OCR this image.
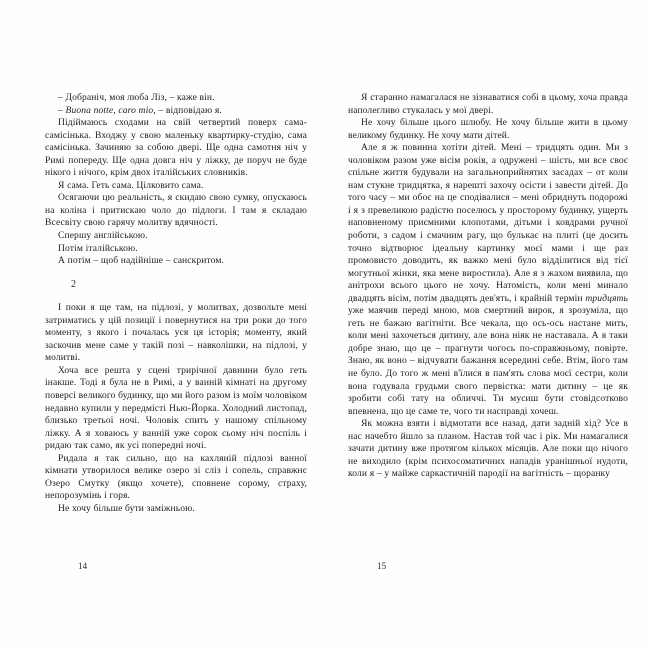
– Добраніч, моя люба Ліз, – каже він.

– Buona notte, caro mio, – відповідаю я.

Підіймаюсь сходами на свій четвертий поверх сама-самісінька. Входжу у свою маленьку квартирку-студію, сама самісінька. Зачиняю за собою двері. Ще одна самотня ніч у Римі попереду. Ще одна довга ніч у ліжку, де поруч не буде нікого і нічого, крім двох італійських словників.

Я сама. Геть сама. Цілковито сама.

Осягаючи цю реальність, я скидаю свою сумку, опускаюсь на коліна і притискаю чоло до підлоги. І там я складаю Всесвіту свою гарячу молитву вдячності.

Спершу англійською.

Потім італійською.

А потім – щоб надійніше – санскритом.

2

І поки я ще там, на підлозі, у молитвах, дозвольте мені затриматись у цій позиції і повернутися на три роки до того моменту, з якого і почалась уся ця історія; моменту, який заскочив мене саме у такій позі – навколішки, на підлозі, у молитві.

Хоча все решта у сцені трирічної давнини було геть інакше. Тоді я була не в Римі, а у ванній кімнаті на другому поверсі великого будинку, що ми його разом із моїм чоловіком недавно купили у передмісті Нью-Йорка. Холодний листопад, близько третьої ночі. Чоловік спить у нашому спільному ліжку. А я ховаюсь у ванній уже сорок сьому ніч поспіль і ридаю так само, як усі попередні ночі.

Ридала я так сильно, що на кахляній підлозі ванної кімнати утворилося велике озеро зі сліз і сопель, справжнє Озеро Смутку (якщо хочете), сповнене сорому, страху, непорозумінь і горя.

Не хочу більше бути заміжньою.

14

Я старанно намагалася не зізнаватися собі в цьому, хоча правда наполегливо стукалась у мої двері.

Не хочу більше цього шлюбу. Не хочу більше жити в цьому великому будинку. Не хочу мати дітей.

Але я ж повинна хотіти дітей. Мені – тридцять один. Ми з чоловіком разом уже вісім років, а одружені – шість, ми все своє спільне життя будували на загальноприйнятих засадах – от коли нам стукне тридцятка, я нарешті захочу осісти і завести дітей. До того часу – ми обоє на це сподівалися – мені обриднуть подорожі і я з превеликою радістю поселюсь у просторому будинку, ущерть наповненому приємними клопотами, дітьми і ковдрами ручної роботи, з садом і смачним рагу, що булькає на плиті (це досить точно відтворює ідеальну картинку моєї мами і ще раз промовисто доводить, як важко мені було відділитися від тієї могутньої жінки, яка мене виростила). Але я з жахом виявила, що анітрохи всього цього не хочу. Натомість, коли мені минало двадцять вісім, потім двадцять дев'ять, і крайній термін тридцять уже маячив переді мною, мов смертний вирок, я зрозуміла, що геть не бажаю вагітніти. Все чекала, що ось-ось настане мить, коли мені захочеться дитину, але вона ніяк не наставала. А я таки добре знаю, що це – прагнути чогось по-справжньому, повірте. Знаю, як воно – відчувати бажання всередині себе. Втім, його там не було. До того ж мені в'їлися в пам'ять слова моєї сестри, коли вона годувала грудьми свого первістка: мати дитину – це як зробити собі тату на обличчі. Ти мусиш бути стовідсотково впевнена, що це саме те, чого ти насправді хочеш.

Як можна взяти і відмотати все назад, дати задній хід? Усе в нас начебто йшло за планом. Настав той час і рік. Ми намагалися зачати дитину вже протягом кількох місяців. Але поки що нічого не виходило (крім психосоматичних нападів уранішньої нудоти, коли я – у майже саркастичній пародії на вагітність – щоранку

15
